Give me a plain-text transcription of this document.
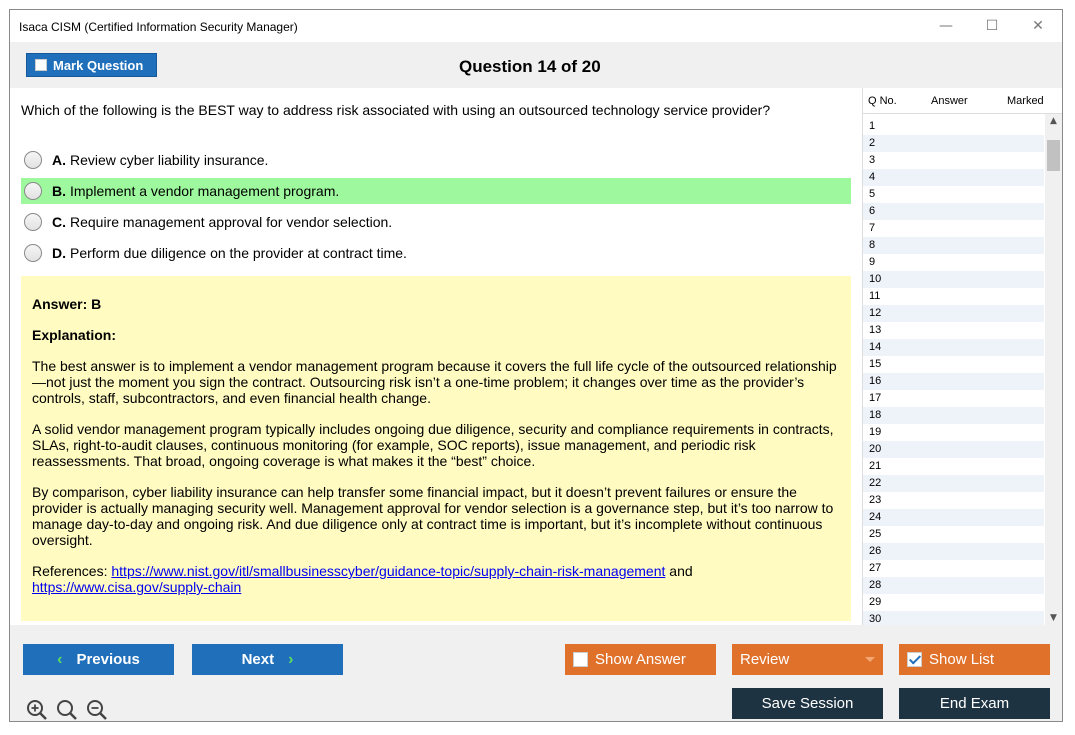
Isaca CISM (Certified Information Security Manager)	—	☐	✕
Mark Question	Question 14 of 20
Which of the following is the BEST way to address risk associated with using an outsourced technology service provider?
A. Review cyber liability insurance.
B. Implement a vendor management program.
C. Require management approval for vendor selection.
D. Perform due diligence on the provider at contract time.
Answer: B
Explanation:

The best answer is to implement a vendor management program because it covers the full life cycle of the outsourced relationship—not just the moment you sign the contract. Outsourcing risk isn’t a one-time problem; it changes over time as the provider’s controls, staff, subcontractors, and even financial health change.

A solid vendor management program typically includes ongoing due diligence, security and compliance requirements in contracts, SLAs, right-to-audit clauses, continuous monitoring (for example, SOC reports), issue management, and periodic risk reassessments. That broad, ongoing coverage is what makes it the “best” choice.

By comparison, cyber liability insurance can help transfer some financial impact, but it doesn’t prevent failures or ensure the provider is actually managing security well. Management approval for vendor selection is a governance step, but it’s too narrow to manage day-to-day and ongoing risk. And due diligence only at contract time is important, but it’s incomplete without continuous oversight.

References: https://www.nist.gov/itl/smallbusinesscyber/guidance-topic/supply-chain-risk-management and
https://www.cisa.gov/supply-chain

Q No.	Answer	Marked
1
2
3
4
5
6
7
8
9
10
11
12
13
14
15
16
17
18
19
20
21
22
23
24
25
26
27
28
29
30
▲
▼
‹ Previous	Next ›	Show Answer	Review	Show List
Save Session	End Exam
